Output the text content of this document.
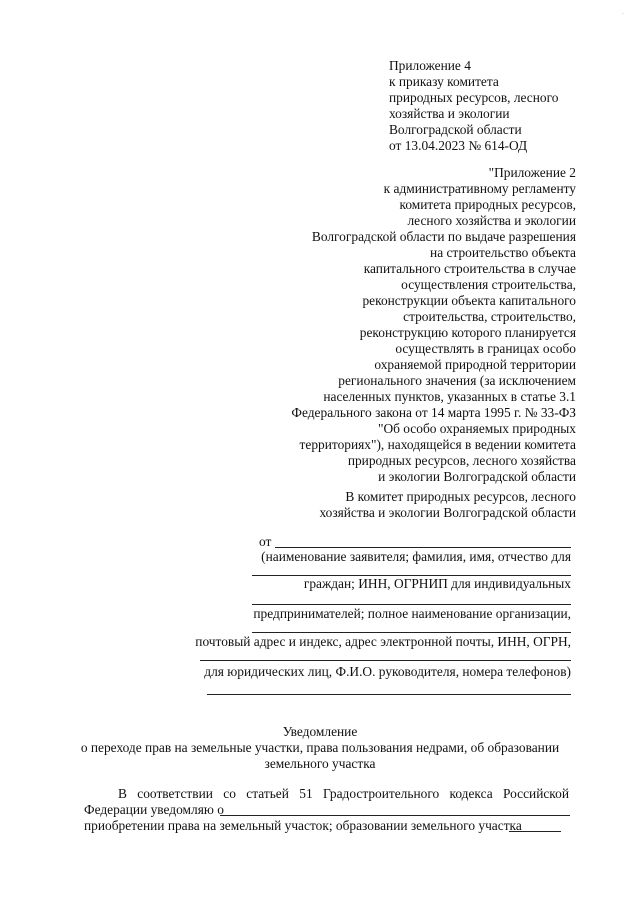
.
Приложение 4
к приказу комитета
природных ресурсов, лесного
хозяйства и экологии
Волгоградской области
от 13.04.2023 № 614-ОД
"Приложение 2
к административному регламенту
комитета природных ресурсов,
лесного хозяйства и экологии
Волгоградской области по выдаче разрешения
на строительство объекта
капитального строительства в случае
осуществления строительства,
реконструкции объекта капитального
строительства, строительство,
реконструкцию которого планируется
осуществлять в границах особо
охраняемой природной территории
регионального значения (за исключением
населенных пунктов, указанных в статье 3.1
Федерального закона от 14 марта 1995 г. № 33-ФЗ
"Об особо охраняемых природных
территориях"), находящейся в ведении комитета
природных ресурсов, лесного хозяйства
и экологии Волгоградской области
В комитет природных ресурсов, лесного
хозяйства и экологии Волгоградской области
от
(наименование заявителя; фамилия, имя, отчество для
граждан; ИНН, ОГРНИП для индивидуальных
предпринимателей; полное наименование организации,
почтовый адрес и индекс, адрес электронной почты, ИНН, ОГРН,
для юридических лиц, Ф.И.О. руководителя, номера телефонов)
Уведомление
о переходе прав на земельные участки, права пользования недрами, об образовании
земельного участка
В соответствии со статьей 51 Градостроительного кодекса Российской
Федерации уведомляю о
приобретении права на земельный участок; образовании земельного участка
